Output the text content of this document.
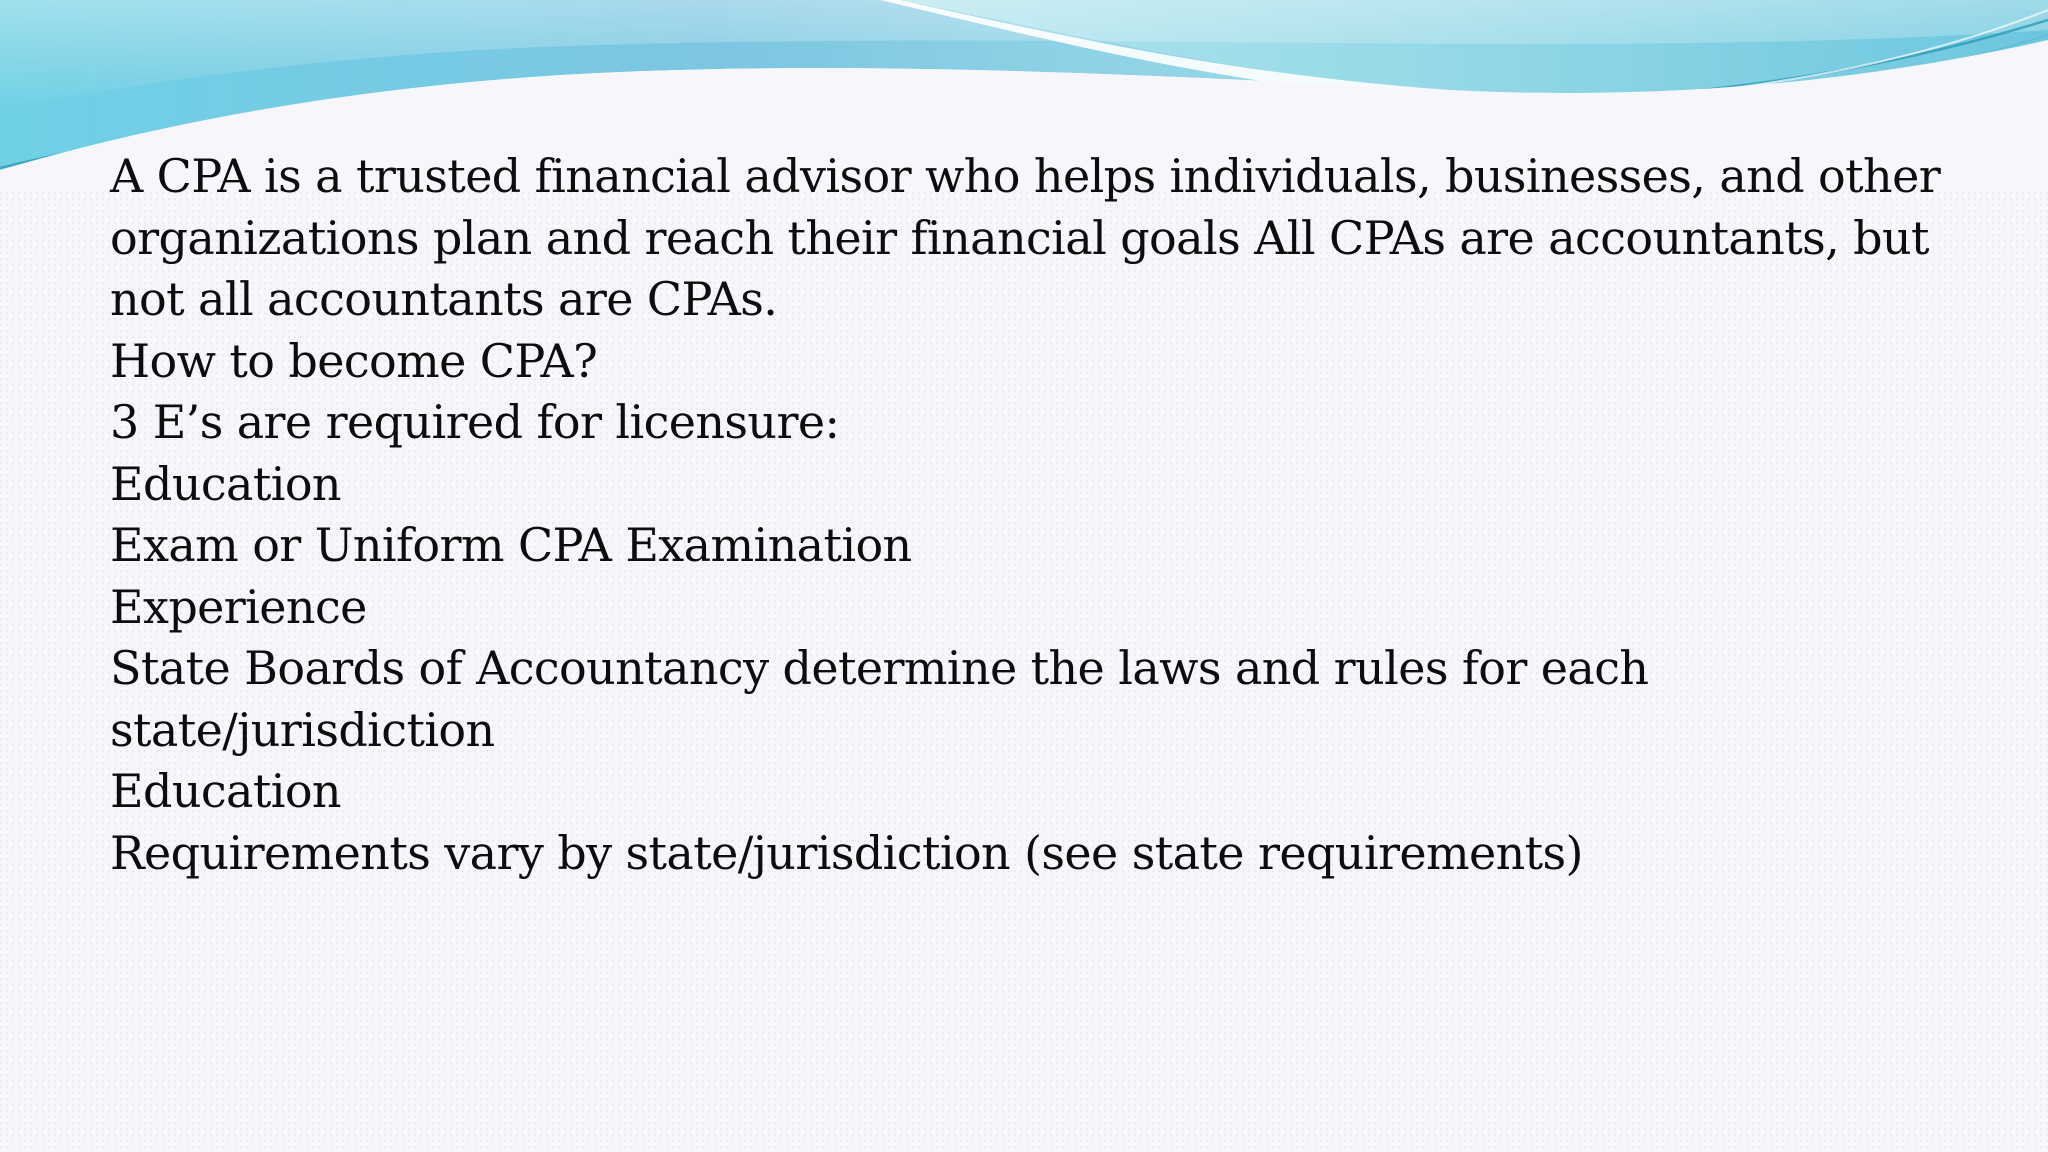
A CPA is a trusted financial advisor who helps individuals, businesses, and other organizations plan and reach their financial goals All CPAs are accountants, but not all accountants are CPAs.

How to become CPA?

3 E’s are required for licensure:

Education

Exam or Uniform CPA Examination

Experience

State Boards of Accountancy determine the laws and rules for each state/jurisdiction

Education

Requirements vary by state/jurisdiction (see state requirements)
